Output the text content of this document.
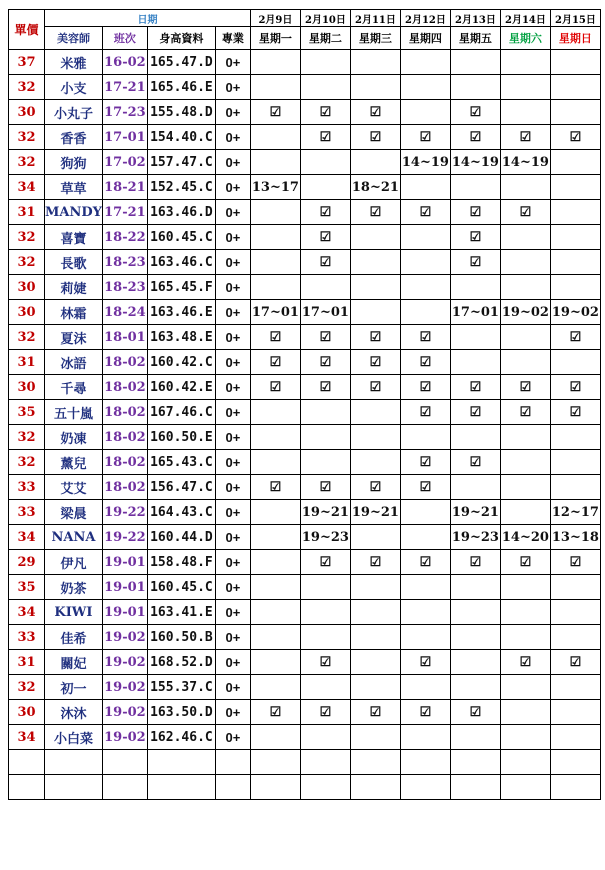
單價	日期				2月9日	2月10日	2月11日	2月12日	2月13日	2月14日	2月15日
	美容師	班次	身高資料	專業	星期一	星期二	星期三	星期四	星期五	星期六	星期日
37	米雅	16-02	165.47.D	0+							
32	小支	17-21	165.46.E	0+							
30	小丸子	17-23	155.48.D	0+	☑	☑	☑		☑		
32	香香	17-01	154.40.C	0+		☑	☑	☑	☑	☑	☑
32	狗狗	17-02	157.47.C	0+				14~19	14~19	14~19	
34	草草	18-21	152.45.C	0+	13~17		18~21				
31	MANDY	17-21	163.46.D	0+		☑	☑	☑	☑	☑	
32	喜寶	18-22	160.45.C	0+		☑			☑		
32	長歌	18-23	163.46.C	0+		☑			☑		
30	莉婕	18-23	165.45.F	0+							
30	林霜	18-24	163.46.E	0+	17~01	17~01			17~01	19~02	19~02
32	夏沫	18-01	163.48.E	0+	☑	☑	☑	☑			☑
31	冰語	18-02	160.42.C	0+	☑	☑	☑	☑			
30	千尋	18-02	160.42.E	0+	☑	☑	☑	☑	☑	☑	☑
35	五十嵐	18-02	167.46.C	0+				☑	☑	☑	☑
32	奶凍	18-02	160.50.E	0+							
32	薰兒	18-02	165.43.C	0+				☑	☑		
33	艾艾	18-02	156.47.C	0+	☑	☑	☑	☑			
33	梁晨	19-22	164.43.C	0+		19~21	19~21		19~21		12~17
34	NANA	19-22	160.44.D	0+		19~23			19~23	14~20	13~18
29	伊凡	19-01	158.48.F	0+		☑	☑	☑	☑	☑	☑
35	奶茶	19-01	160.45.C	0+							
34	KIWI	19-01	163.41.E	0+							
33	佳希	19-02	160.50.B	0+							
31	關妃	19-02	168.52.D	0+		☑		☑		☑	☑
32	初一	19-02	155.37.C	0+							
30	沐沐	19-02	163.50.D	0+	☑	☑	☑	☑	☑		
34	小白菜	19-02	162.46.C	0+							
